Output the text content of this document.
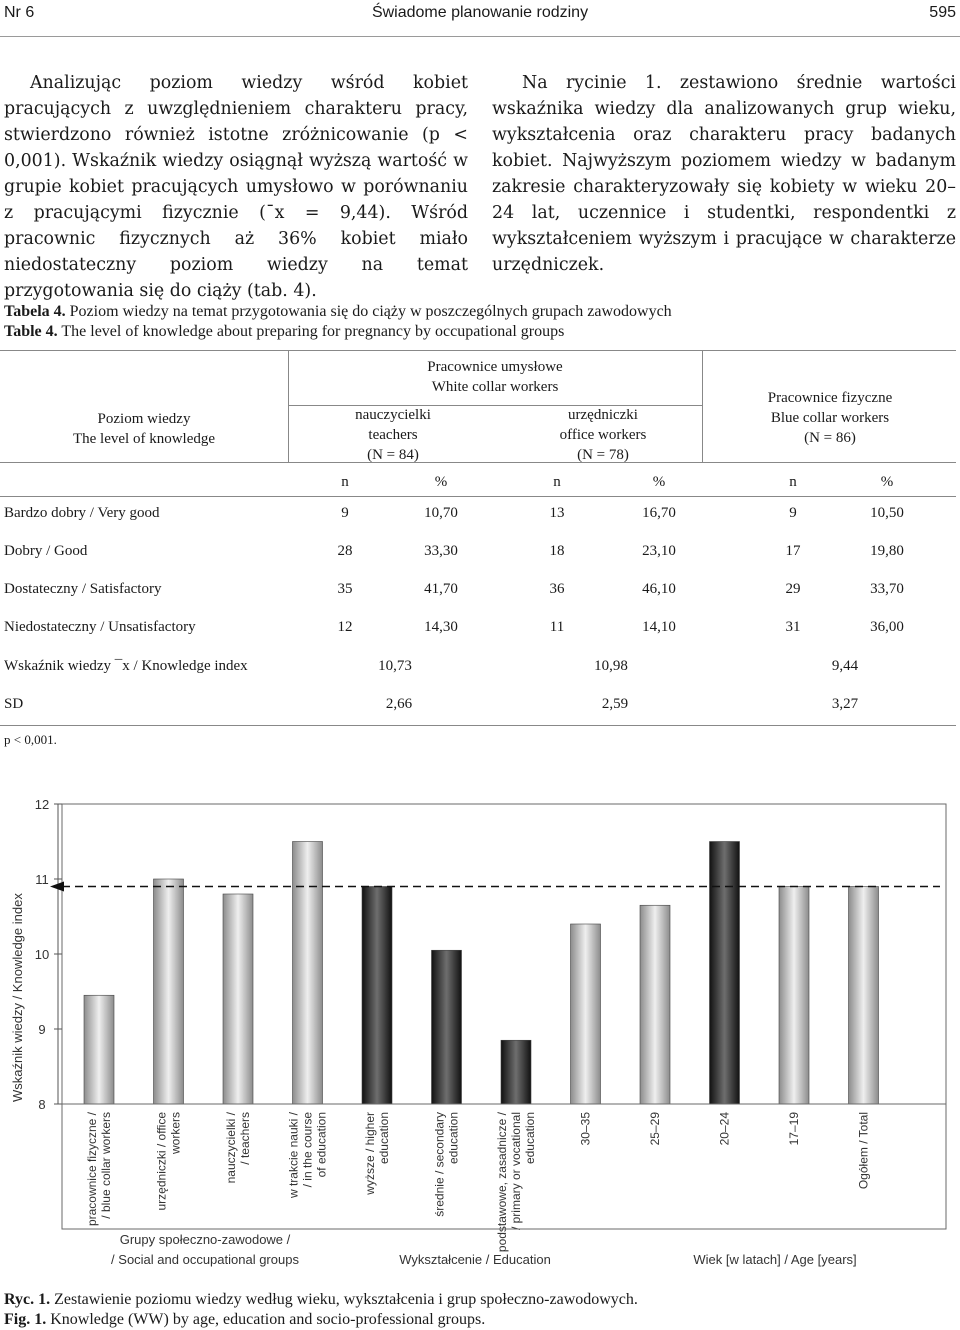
Nr 6	Świadome planowanie rodziny	595

Analizując poziom wiedzy wśród kobiet pracujących z uwzględnieniem charakteru pracy, stwierdzono również istotne zróżnicowanie (p < 0,001). Wskaźnik wiedzy osiągnął wyższą wartość w grupie kobiet pracujących umysłowo w porównaniu z pracującymi fizycznie (¯x = 9,44). Wśród pracownic fizycznych aż 36% kobiet miało niedostateczny poziom wiedzy na temat przygotowania się do ciąży (tab. 4).

Na rycinie 1. zestawiono średnie wartości wskaźnika wiedzy dla analizowanych grup wieku, wykształcenia oraz charakteru pracy badanych kobiet. Najwyższym poziomem wiedzy w badanym zakresie charakteryzowały się kobiety w wieku 20–24 lat, uczennice i studentki, respondentki z wykształceniem wyższym i pracujące w charakterze urzędniczek.

Tabela 4. Poziom wiedzy na temat przygotowania się do ciąży w poszczególnych grupach zawodowych
Table 4. The level of knowledge about preparing for pregnancy by occupational groups
Poziom wiedzy
The level of knowledge
Pracownice umysłowe
White collar workers
nauczycielki
teachers
(N = 84)
urzędniczki
office workers
(N = 78)
Pracownice fizyczne
Blue collar workers
(N = 86)
n	%	n	%	n	%
Bardzo dobry / Very good	9	10,70	13	16,70	9	10,50
Dobry / Good	28	33,30	18	23,10	17	19,80
Dostateczny / Satisfactory	35	41,70	36	46,10	29	33,70
Niedostateczny / Unsatisfactory	12	14,30	11	14,10	31	36,00
Wskaźnik wiedzy ¯x / Knowledge index	10,73	10,98	9,44
SD	2,66	2,59	3,27
p < 0,001.
12
11
10
9
8
Wskaźnik wiedzy / Knowledge index
pracownice fizyczne / / blue collar workers	urzędniczki / office workers	nauczycielki / / teachers	w trakcie nauki / / in the course of education	wyższe / higher education	średnie / secondary education	podstawowe, zasadnicze / / primary or vocational education	30–35	25–29	20–24	17–19	Ogółem / Total
Grupy społeczno-zawodowe /
/ Social and occupational groups	Wykształcenie / Education	Wiek [w latach] / Age [years]
Ryc. 1. Zestawienie poziomu wiedzy według wieku, wykształcenia i grup społeczno-zawodowych.
Fig. 1. Knowledge (WW) by age, education and socio-professional groups.
